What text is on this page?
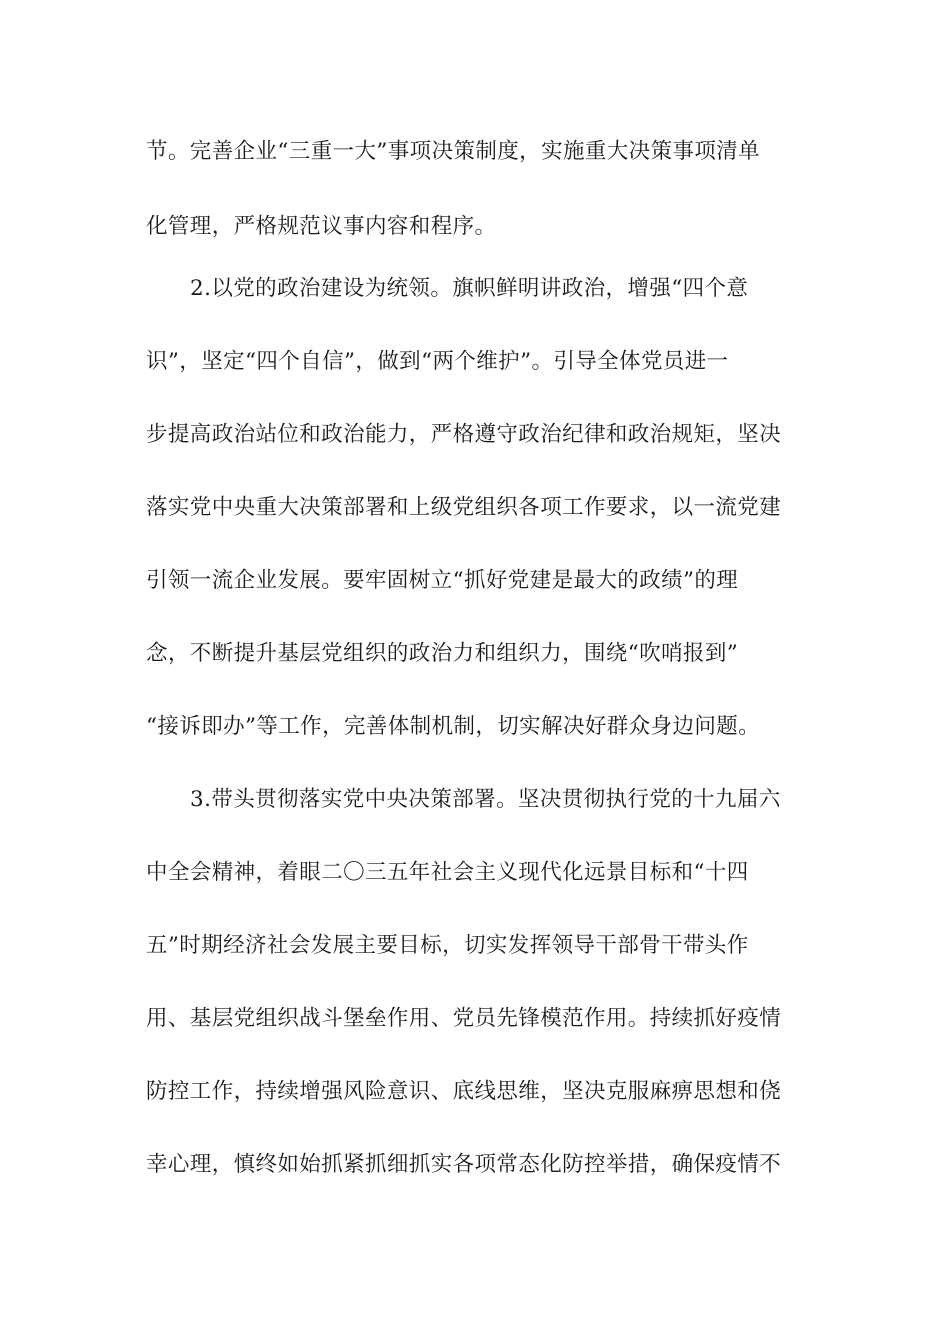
节。完善企业“三重一大”事项决策制度，实施重大决策事项清单
化管理，严格规范议事内容和程序。
2.以党的政治建设为统领。旗帜鲜明讲政治，增强“四个意
识”，坚定“四个自信”，做到“两个维护”。引导全体党员进一
步提高政治站位和政治能力，严格遵守政治纪律和政治规矩，坚决
落实党中央重大决策部署和上级党组织各项工作要求，以一流党建
引领一流企业发展。要牢固树立“抓好党建是最大的政绩”的理
念，不断提升基层党组织的政治力和组织力，围绕“吹哨报到”
“接诉即办”等工作，完善体制机制，切实解决好群众身边问题。
3.带头贯彻落实党中央决策部署。坚决贯彻执行党的十九届六
中全会精神，着眼二〇三五年社会主义现代化远景目标和“十四
五”时期经济社会发展主要目标，切实发挥领导干部骨干带头作
用、基层党组织战斗堡垒作用、党员先锋模范作用。持续抓好疫情
防控工作，持续增强风险意识、底线思维，坚决克服麻痹思想和侥
幸心理，慎终如始抓紧抓细抓实各项常态化防控举措，确保疫情不
